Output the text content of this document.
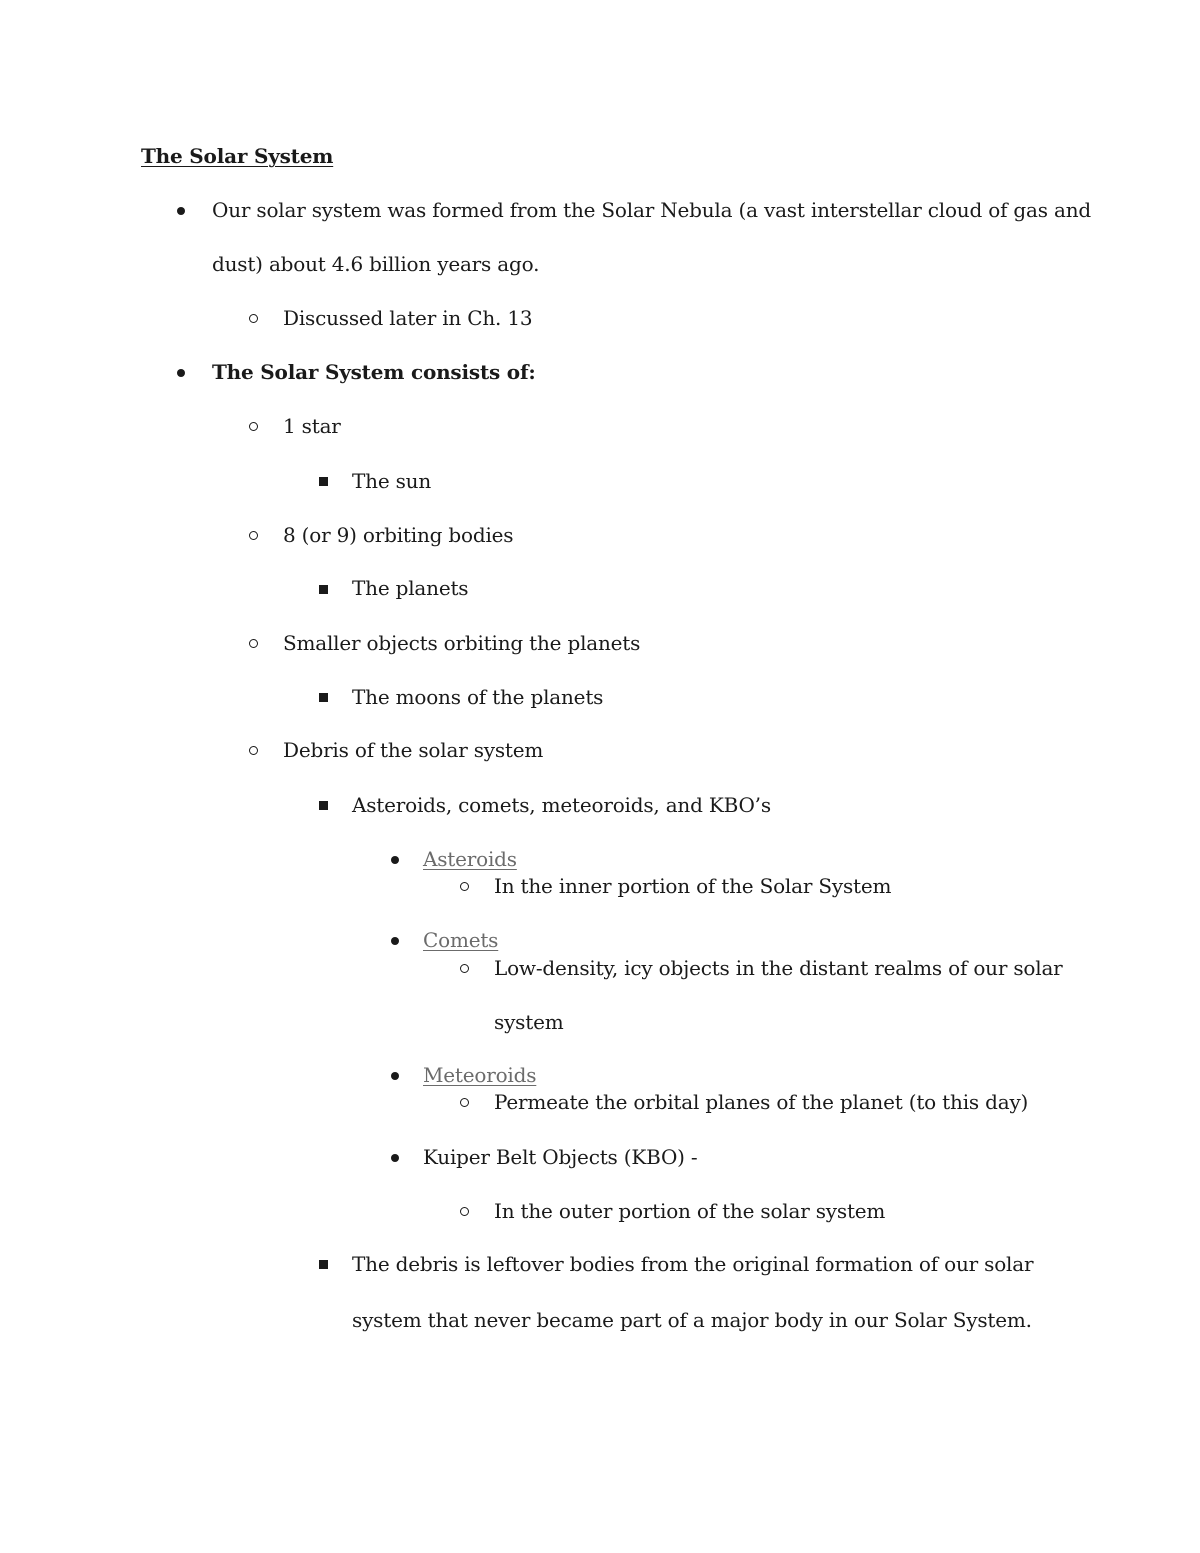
The Solar System
Our solar system was formed from the Solar Nebula (a vast interstellar cloud of gas and
dust) about 4.6 billion years ago.
Discussed later in Ch. 13
The Solar System consists of:
1 star
The sun
8 (or 9) orbiting bodies
The planets
Smaller objects orbiting the planets
The moons of the planets
Debris of the solar system
Asteroids, comets, meteoroids, and KBO’s
Asteroids
In the inner portion of the Solar System
Comets
Low-density, icy objects in the distant realms of our solar
system
Meteoroids
Permeate the orbital planes of the planet (to this day)
Kuiper Belt Objects (KBO) -
In the outer portion of the solar system
The debris is leftover bodies from the original formation of our solar
system that never became part of a major body in our Solar System.
